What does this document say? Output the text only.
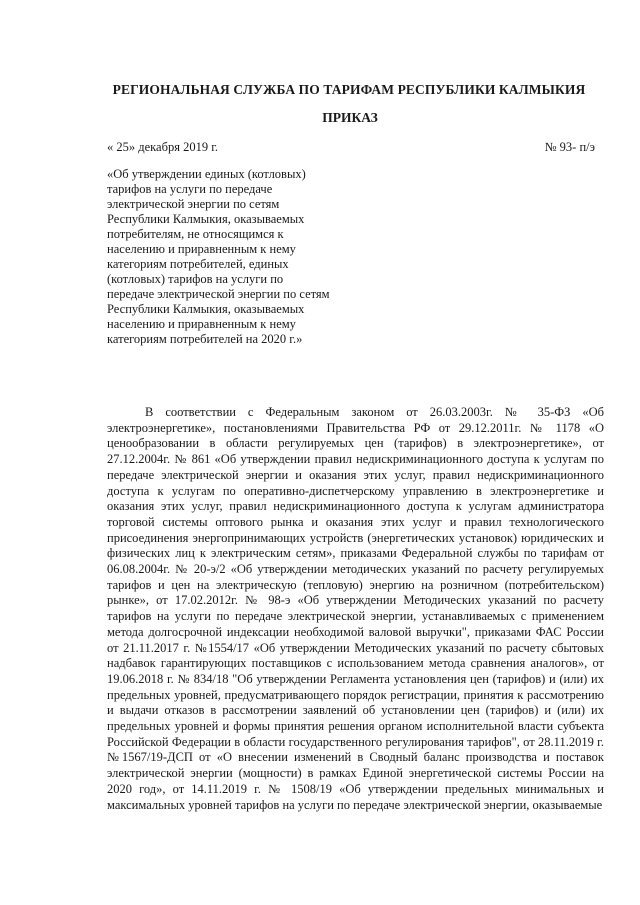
РЕГИОНАЛЬНАЯ СЛУЖБА ПО ТАРИФАМ РЕСПУБЛИКИ КАЛМЫКИЯ
ПРИКАЗ
« 25» декабря 2019 г.	№ 93- п/э
«Об утверждении единых (котловых) тарифов на услуги по передаче электрической энергии по сетям Республики Калмыкия, оказываемых потребителям, не относящимся к населению и приравненным к нему категориям потребителей, единых (котловых) тарифов на услуги по передаче электрической энергии по сетям Республики Калмыкия, оказываемых населению и приравненным к нему категориям потребителей на 2020 г.»

В соответствии с Федеральным законом от 26.03.2003г. № 35-ФЗ «Об электроэнергетике», постановлениями Правительства РФ от 29.12.2011г. № 1178 «О ценообразовании в области регулируемых цен (тарифов) в электроэнергетике», от 27.12.2004г. № 861 «Об утверждении правил недискриминационного доступа к услугам по передаче электрической энергии и оказания этих услуг, правил недискриминационного доступа к услугам по оперативно-диспетчерскому управлению в электроэнергетике и оказания этих услуг, правил недискриминационного доступа к услугам администратора торговой системы оптового рынка и оказания этих услуг и правил технологического присоединения энергопринимающих устройств (энергетических установок) юридических и физических лиц к электрическим сетям», приказами Федеральной службы по тарифам от 06.08.2004г. № 20-э/2 «Об утверждении методических указаний по расчету регулируемых тарифов и цен на электрическую (тепловую) энергию на розничном (потребительском) рынке», от 17.02.2012г. № 98-э «Об утверждении Методических указаний по расчету тарифов на услуги по передаче электрической энергии, устанавливаемых с применением метода долгосрочной индексации необходимой валовой выручки", приказами ФАС России от 21.11.2017 г. №1554/17 «Об утверждении Методических указаний по расчету сбытовых надбавок гарантирующих поставщиков с использованием метода сравнения аналогов», от 19.06.2018 г. № 834/18 "Об утверждении Регламента установления цен (тарифов) и (или) их предельных уровней, предусматривающего порядок регистрации, принятия к рассмотрению и выдачи отказов в рассмотрении заявлений об установлении цен (тарифов) и (или) их предельных уровней и формы принятия решения органом исполнительной власти субъекта Российской Федерации в области государственного регулирования тарифов", от 28.11.2019 г. №1567/19-ДСП от «О внесении изменений в Сводный баланс производства и поставок электрической энергии (мощности) в рамках Единой энергетической системы России на 2020 год», от 14.11.2019 г. № 1508/19 «Об утверждении предельных минимальных и максимальных уровней тарифов на услуги по передаче электрической энергии, оказываемые
